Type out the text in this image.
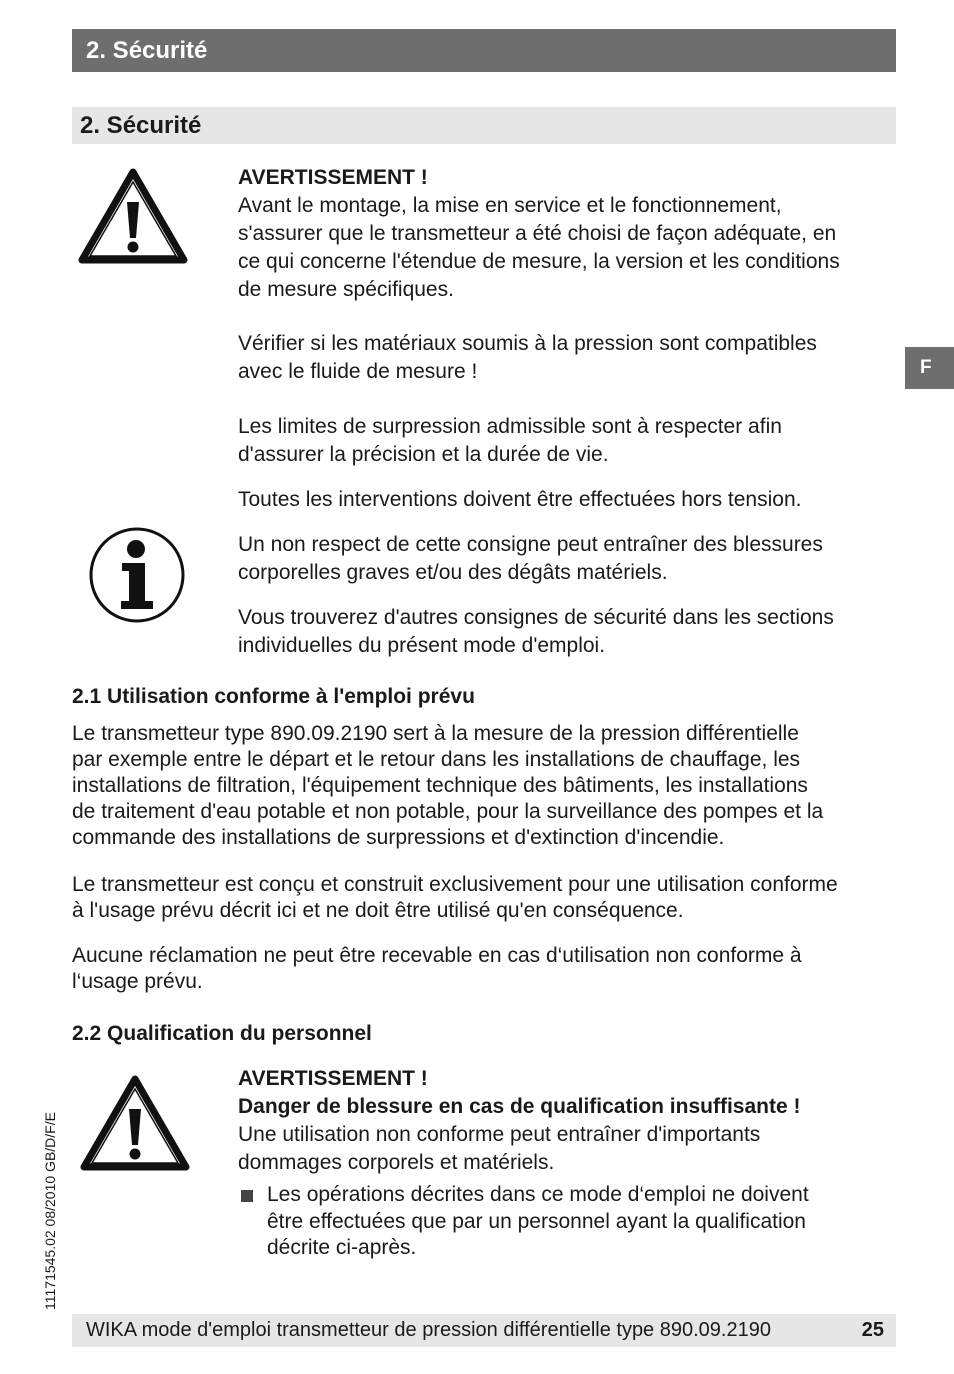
2. Sécurité
2. Sécurité
F

AVERTISSEMENT !

Avant le montage, la mise en service et le fonctionnement,

s'assurer que le transmetteur a été choisi de façon adéquate, en

ce qui concerne l'étendue de mesure, la version et les conditions

de mesure spécifiques.

Vérifier si les matériaux soumis à la pression sont compatibles

avec le fluide de mesure !

Les limites de surpression admissible sont à respecter afin

d'assurer la précision et la durée de vie.

Toutes les interventions doivent être effectuées hors tension.

Un non respect de cette consigne peut entraîner des blessures

corporelles graves et/ou des dégâts matériels.

Vous trouverez d'autres consignes de sécurité dans les sections

individuelles du présent mode d'emploi.

2.1 Utilisation conforme à l'emploi prévu

Le transmetteur type 890.09.2190 sert à la mesure de la pression différentielle

par exemple entre le départ et le retour dans les installations de chauffage, les

installations de filtration, l'équipement technique des bâtiments, les installations

de traitement d'eau potable et non potable, pour la surveillance des pompes et la

commande des installations de surpressions et d'extinction d'incendie.

Le transmetteur est conçu et construit exclusivement pour une utilisation conforme

à l'usage prévu décrit ici et ne doit être utilisé qu'en conséquence.

Aucune réclamation ne peut être recevable en cas d‘utilisation non conforme à

l‘usage prévu.

2.2 Qualification du personnel

AVERTISSEMENT !

Danger de blessure en cas de qualification insuffisante !

Une utilisation non conforme peut entraîner d'importants

dommages corporels et matériels.

Les opérations décrites dans ce mode d‘emploi ne doivent
être effectuées que par un personnel ayant la qualification
décrite ci-après.
11171545.02 08/2010 GB/D/F/E
WIKA mode d'emploi transmetteur de pression différentielle type 890.09.2190	25
